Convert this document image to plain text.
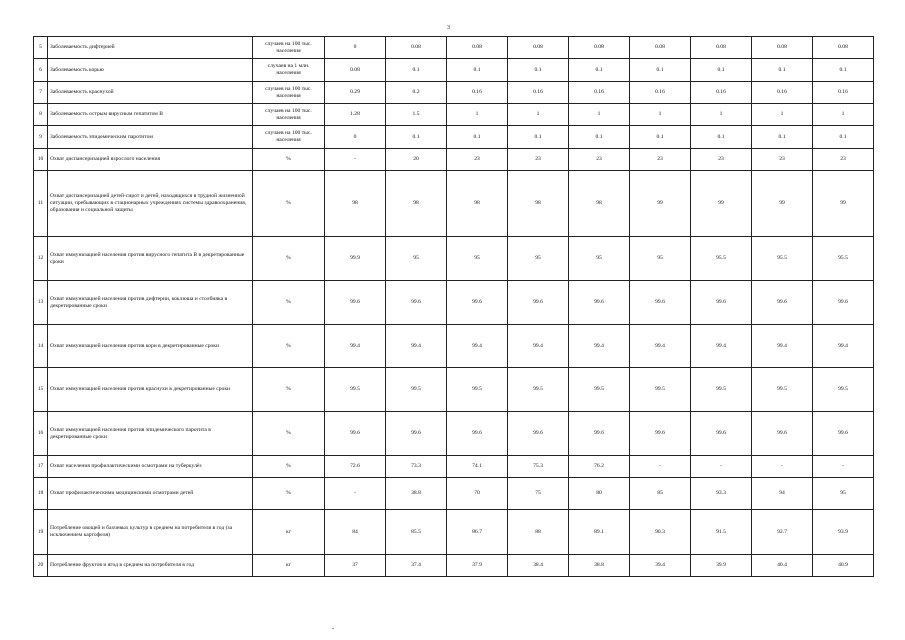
3
5	Заболеваемость дифтерией	случаев на 100 тыс. населения	0	0.08	0.08	0.08	0.08	0.08	0.08	0.08	0.08
6	Заболеваемость корью	случаев на 1 млн. населения	0.08	0.1	0.1	0.1	0.1	0.1	0.1	0.1	0.1
7	Заболеваемость краснухой	случаев на 100 тыс. населения	0.29	0.2	0.16	0.16	0.16	0.16	0.16	0.16	0.16
8	Заболеваемость острым вирусным гепатитом В	случаев на 100 тыс. населения	1.28	1.5	1	1	1	1	1	1	1
9	Заболеваемость эпидемическим паротитом	случаев на 100 тыс. населения	0	0.1	0.1	0.1	0.1	0.1	0.1	0.1	0.1
10	Охват диспансеризацией взрослого населения	%	-	20	23	23	23	23	23	23	23
11	Охват диспансеризацией детей-сирот и детей, находящихся в трудной жизненной ситуации, пребывающих в стационарных учреждениях системы здравоохранения, образования и социальной защиты	%	98	98	98	98	98	99	99	99	99
12	Охват иммунизацией населения против вирусного гепатита В в декретированные сроки	%	99.9	95	95	95	95	95	95.5	95.5	95.5
13	Охват иммунизацией населения против дифтерии, коклюша и столбняка в декретированные сроки	%	99.6	99.6	99.6	99.6	99.6	99.6	99.6	99.6	99.6
14	Охват иммунизацией населения против кори в декретированные сроки	%	99.4	99.4	99.4	99.4	99.4	99.4	99.4	99.4	99.4
15	Охват иммунизацией населения против краснухи в декретированные сроки	%	99.5	99.5	99.5	99.5	99.5	99.5	99.5	99.5	99.5
16	Охват иммунизацией населения против эпидемического паротита в декретированные сроки	%	99.6	99.6	99.6	99.6	99.6	99.6	99.6	99.6	99.6
17	Охват населения профилактическими осмотрами на туберкулёз	%	72.6	73.3	74.1	75.3	76.2	-	-	-	-
18	Охват профилактическими медицинскими осмотрами детей	%	-	38.8	70	75	80	85	93.3	94	95
19	Потребление овощей и бахчевых культур в среднем на потребителя в год (за исключением картофеля)	кг	84	85.5	86.7	88	89.1	90.3	91.5	92.7	93.9
20	Потребление фруктов и ягод в среднем на потребителя в год	кг	37	37.4	37.9	38.4	38.8	39.4	39.9	40.4	40.9
